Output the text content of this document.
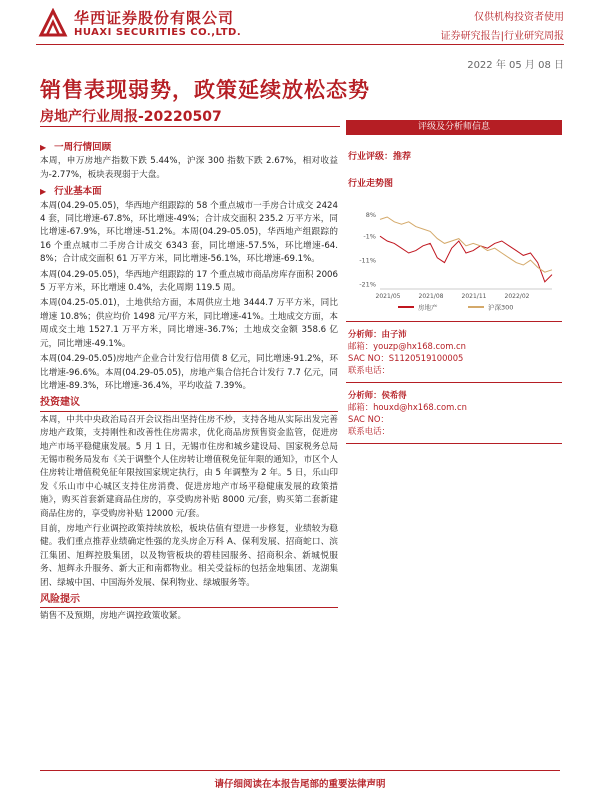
华西证券股份有限公司
HUAXI SECURITIES CO.,LTD.
仅供机构投资者使用
证券研究报告|行业研究周报
2022 年 05 月 08 日
销售表现弱势，政策延续放松态势
房地产行业周报-20220507
▶ 一周行情回顾
本周，申万房地产指数下跌 5.44%，沪深 300 指数下跌 2.67%，相对收益为-2.77%，板块表现弱于大盘。
▶ 行业基本面
本周(04.29-05.05)，华西地产组跟踪的 58 个重点城市一手房合计成交 24244 套，同比增速-67.8%，环比增速-49%；合计成交面积 235.2 万平方米，同比增速-67.9%，环比增速-51.2%。本周(04.29-05.05)，华西地产组跟踪的 16 个重点城市二手房合计成交 6343 套，同比增速-57.5%，环比增速-64.8%；合计成交面积 61 万平方米，同比增速-56.1%，环比增速-69.1%。
本周(04.29-05.05)，华西地产组跟踪的 17 个重点城市商品房库存面积 20065 万平方米，环比增速 0.4%，去化周期 119.5 周。
本周(04.25-05.01)，土地供给方面，本周供应土地 3444.7 万平方米，同比增速 10.8%；供应均价 1498 元/平方米，同比增速-41%。土地成交方面，本周成交土地 1527.1 万平方米，同比增速-36.7%；土地成交金额 358.6 亿元，同比增速-49.1%。
本周(04.29-05.05)房地产企业合计发行信用债 8 亿元，同比增速-91.2%，环比增速-96.6%。本周(04.29-05.05)，房地产集合信托合计发行 7.7 亿元，同比增速-89.3%，环比增速-36.4%，平均收益 7.39%。
投资建议
本周，中共中央政治局召开会议指出坚持住房不炒，支持各地从实际出发完善房地产政策，支持刚性和改善性住房需求，优化商品房预售资金监管，促进房地产市场平稳健康发展。5 月 1 日，无锡市住房和城乡建设局、国家税务总局无锡市税务局发布《关于调整个人住房转让增值税免征年限的通知》，市区个人住房转让增值税免征年限按国家规定执行，由 5 年调整为 2 年。5 日，乐山印发《乐山市中心城区支持住房消费、促进房地产市场平稳健康发展的政策措施》，购买首套新建商品住房的，享受购房补贴 8000 元/套，购买第二套新建商品住房的，享受购房补贴 12000 元/套。
目前，房地产行业调控政策持续放松，板块估值有望进一步修复，业绩较为稳健。我们重点推荐业绩确定性强的龙头房企万科 A、保利发展、招商蛇口、滨江集团、旭辉控股集团，以及物管板块的碧桂园服务、招商积余、新城悦服务、旭辉永升服务、新大正和南都物业。相关受益标的包括金地集团、龙湖集团、绿城中国、中国海外发展、保利物业、绿城服务等。
风险提示
销售不及预期，房地产调控政策收紧。
评级及分析师信息
行业评级：推荐
行业走势图
8%
-1%
-11%
-21%
2021/05	2021/08	2021/11	2022/02
房地产	沪深300
分析师：由子沛
邮箱：youzp@hx168.com.cn
SAC NO：S1120519100005
联系电话：
分析师：侯希得
邮箱：houxd@hx168.com.cn
SAC NO：
联系电话：
请仔细阅读在本报告尾部的重要法律声明
